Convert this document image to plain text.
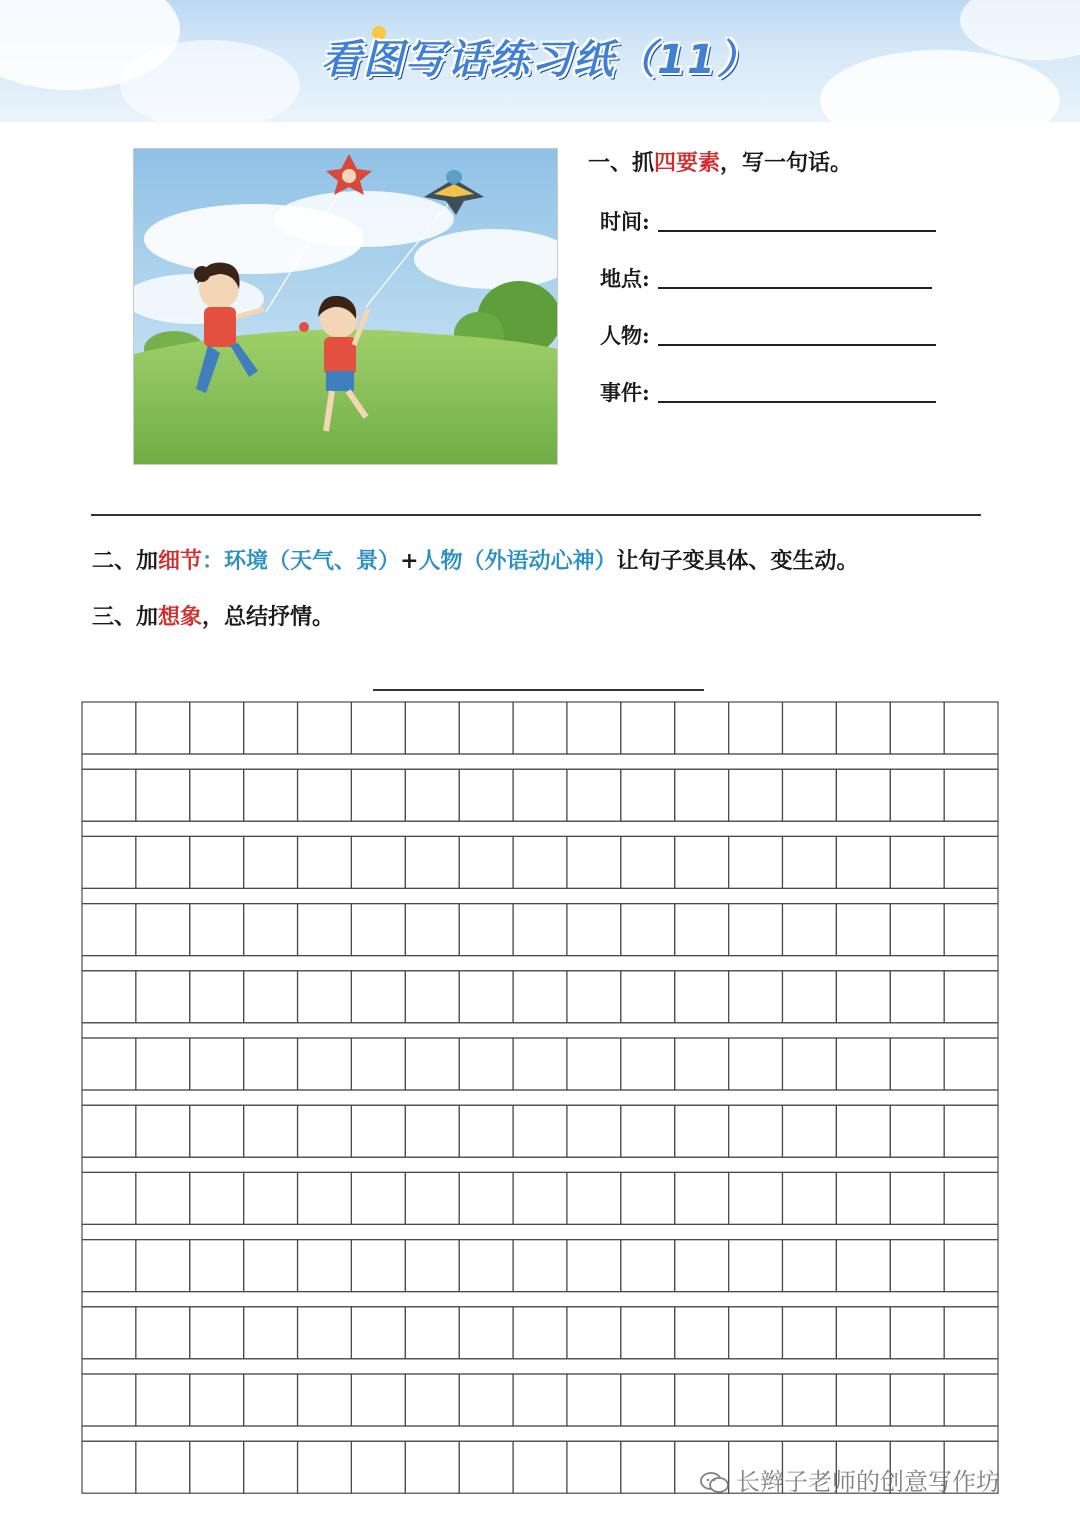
看图写话练习纸（11）
一、抓四要素，写一句话。
时间:
地点:
人物:
事件:
二、加细节：环境（天气、景）+人物（外语动心神）让句子变具体、变生动。
三、加想象，总结抒情。
长辫子老师的创意写作坊
